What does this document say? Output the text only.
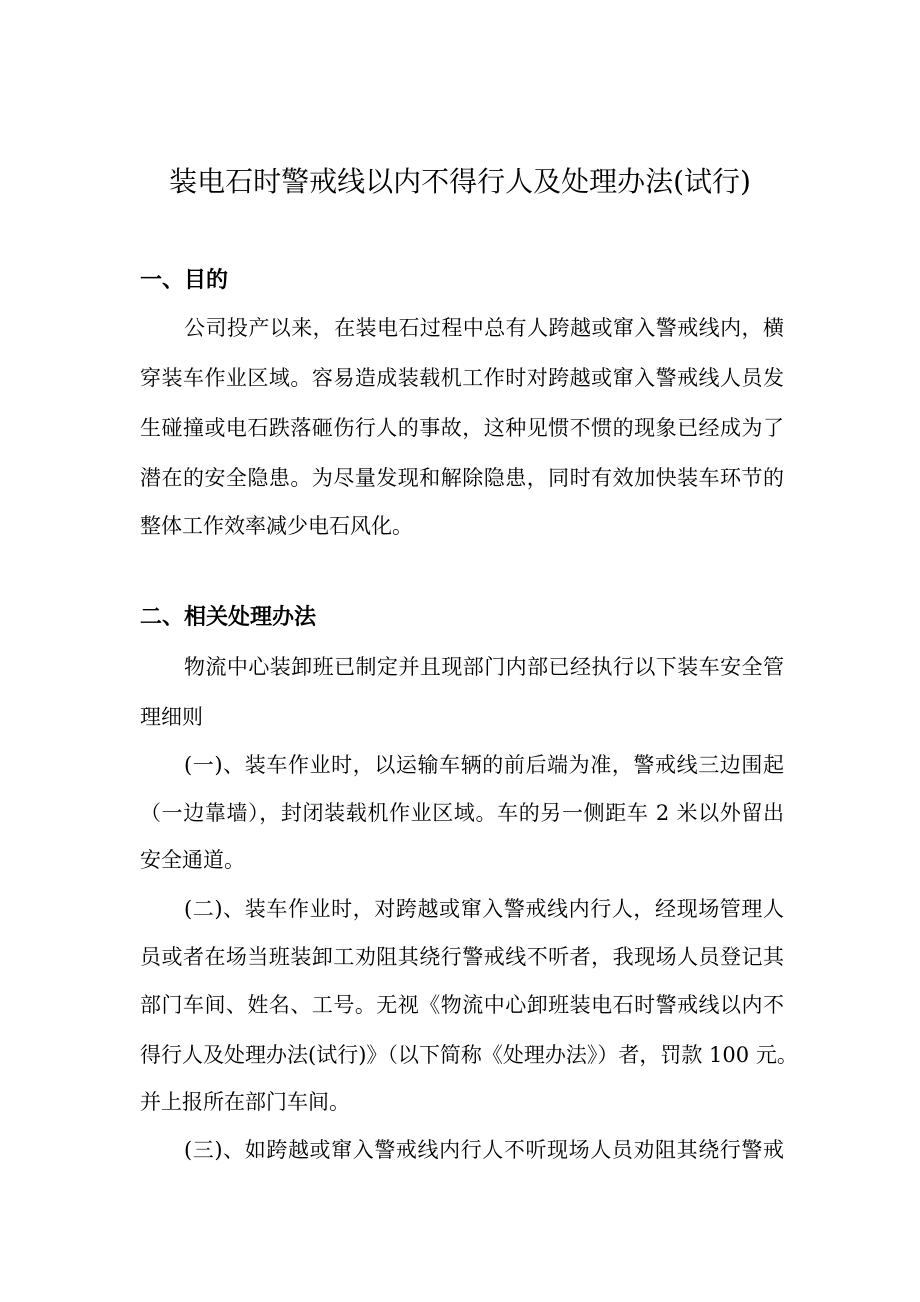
装电石时警戒线以内不得行人及处理办法(试行)
一、目的

公司投产以来，在装电石过程中总有人跨越或窜入警戒线内，横

穿装车作业区域。容易造成装载机工作时对跨越或窜入警戒线人员发

生碰撞或电石跌落砸伤行人的事故，这种见惯不惯的现象已经成为了

潜在的安全隐患。为尽量发现和解除隐患，同时有效加快装车环节的

整体工作效率减少电石风化。

二、相关处理办法

物流中心装卸班已制定并且现部门内部已经执行以下装车安全管

理细则

(一)、装车作业时，以运输车辆的前后端为准，警戒线三边围起

（一边靠墙），封闭装载机作业区域。车的另一侧距车 2 米以外留出

安全通道。

(二)、装车作业时，对跨越或窜入警戒线内行人，经现场管理人

员或者在场当班装卸工劝阻其绕行警戒线不听者，我现场人员登记其

部门车间、姓名、工号。无视《物流中心卸班装电石时警戒线以内不

得行人及处理办法(试行)》（以下简称《处理办法》）者，罚款 100 元。

并上报所在部门车间。

(三)、如跨越或窜入警戒线内行人不听现场人员劝阻其绕行警戒
